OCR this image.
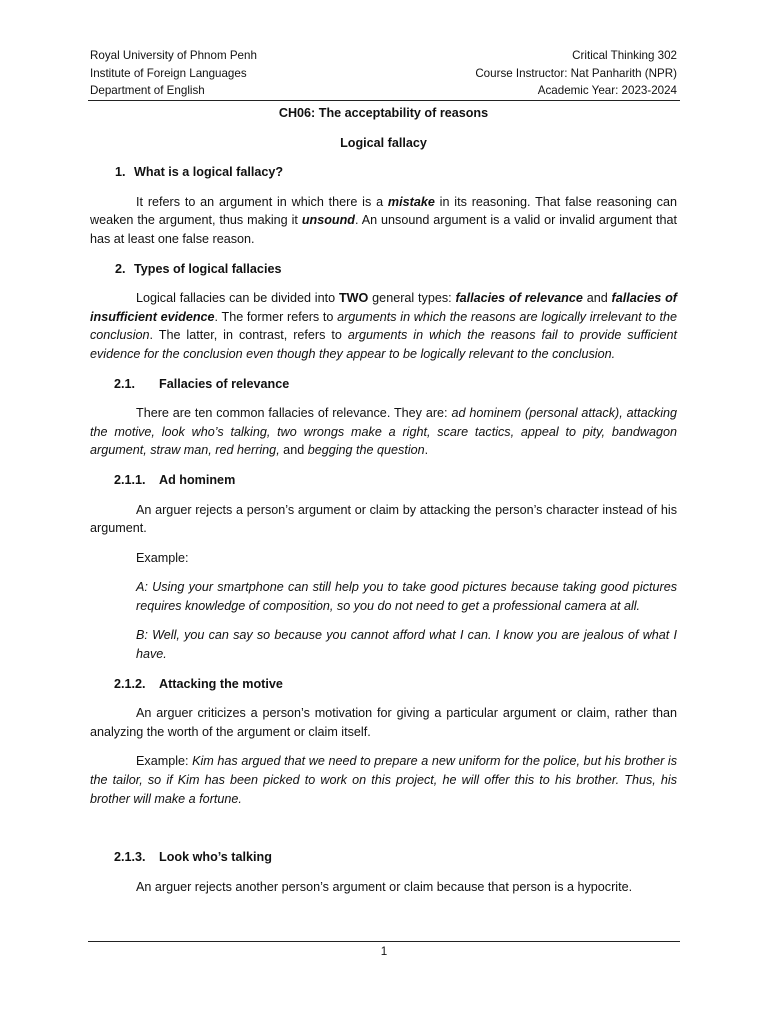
Royal University of Phnom Penh
Institute of Foreign Languages
Department of English
Critical Thinking 302
Course Instructor: Nat Panharith (NPR)
Academic Year: 2023-2024
CH06: The acceptability of reasons
Logical fallacy
1. What is a logical fallacy?

It refers to an argument in which there is a mistake in its reasoning. That false reasoning can weaken the argument, thus making it unsound. An unsound argument is a valid or invalid argument that has at least one false reason.

2. Types of logical fallacies

Logical fallacies can be divided into TWO general types: fallacies of relevance and fallacies of insufficient evidence. The former refers to arguments in which the reasons are logically irrelevant to the conclusion. The latter, in contrast, refers to arguments in which the reasons fail to provide sufficient evidence for the conclusion even though they appear to be logically relevant to the conclusion.

2.1. Fallacies of relevance

There are ten common fallacies of relevance. They are: ad hominem (personal attack), attacking the motive, look who’s talking, two wrongs make a right, scare tactics, appeal to pity, bandwagon argument, straw man, red herring, and begging the question.

2.1.1. Ad hominem

An arguer rejects a person’s argument or claim by attacking the person’s character instead of his argument.

Example:

A: Using your smartphone can still help you to take good pictures because taking good pictures requires knowledge of composition, so you do not need to get a professional camera at all.

B: Well, you can say so because you cannot afford what I can. I know you are jealous of what I have.

2.1.2. Attacking the motive

An arguer criticizes a person’s motivation for giving a particular argument or claim, rather than analyzing the worth of the argument or claim itself.

Example: Kim has argued that we need to prepare a new uniform for the police, but his brother is the tailor, so if Kim has been picked to work on this project, he will offer this to his brother. Thus, his brother will make a fortune.

2.1.3. Look who’s talking

An arguer rejects another person’s argument or claim because that person is a hypocrite.

1
